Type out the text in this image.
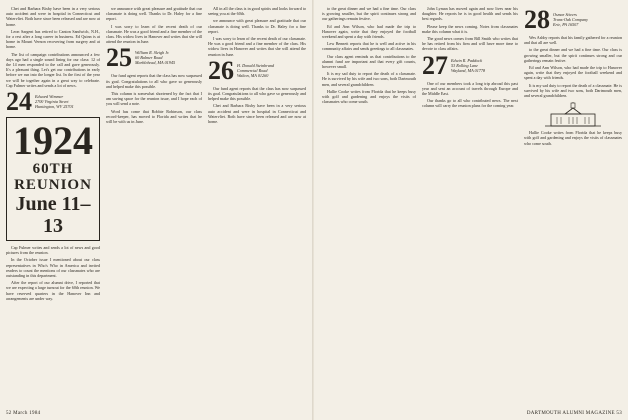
Chet and Barbara Bixby have been in a very serious auto accident and were in hospital in Connecticut and Watervliet. Both have since been released and are now at home.

Leon Sargent has retired to Canton Sandwich, N.H., for a rest after a long career in business. Ed Quinn is at home in Mount Vernon recovering from surgery and at home.

The list of campaign contributions announced a few days ago had a single sound lining for our class: 12 of the 14 men responded to the call and gave generously. It's a pleasant thing. Let's get our contributions in early before we run into the longer list. In the first of the year we will be together again in a great way to celebrate. Cap Fulmer writes and sends a lot of news.

24 Edward Wimmer
2700 Virginia Street
Huntington, WV 25701
1924
60TH REUNION
June 11–13

Cap Fulmer writes and sends a lot of news and good pictures from the reunion.

In the October issue I mentioned about our class representatives in Who's Who in America and invited readers to count the mentions of our classmates who are outstanding in this department.

After the report of our alumni drive, I reported that we are expecting a large turnout for the 60th reunion. We have reserved quarters in the Hanover Inn and arrangements are under way.

we announce with great pleasure and gratitude that our classmate is doing well. Thanks to Dr. Haley for a fine report.

I was sorry to learn of the recent death of our classmate. He was a good friend and a fine member of the class. His widow lives in Hanover and writes that she will attend the reunion in June.

25 William R. Sleigh Jr.
60 Balmer Road
Marblehead, MA 01945

Our fund agent reports that the class has now surpassed its goal. Congratulations to all who gave so generously and helped make this possible.

This column is somewhat shortened by the fact that I am saving space for the reunion issue, and I hope each of you will send a note.

Word has come that Robbie Robinson, our class record-keeper, has moved to Florida and writes that he will be with us in June.

All in all the class is in good spirits and looks forward to seeing you at the 60th.

we announce with great pleasure and gratitude that our classmate is doing well. Thanks to Dr. Haley for a fine report.

I was sorry to learn of the recent death of our classmate. He was a good friend and a fine member of the class. His widow lives in Hanover and writes that she will attend the reunion in June.

26 H. Donald Steinbrand
Commercial Road
Walton, MA 01260

Our fund agent reports that the class has now surpassed its goal. Congratulations to all who gave so generously and helped make this possible.

Chet and Barbara Bixby have been in a very serious auto accident and were in hospital in Connecticut and Watervliet. Both have since been released and are now at home.

52 March 1984

to the great dinner and we had a fine time. Our class is growing smaller, but the spirit continues strong and our gatherings remain festive.

Ed and Ann Wilson, who had made the trip to Hanover again, write that they enjoyed the football weekend and spent a day with friends.

Lew Bennett reports that he is well and active in his community affairs and sends greetings to all classmates.

Our class agent reminds us that contributions to the alumni fund are important and that every gift counts, however small.

It is my sad duty to report the death of a classmate. He is survived by his wife and two sons, both Dartmouth men, and several grandchildren.

Hallie Cooke writes from Florida that he keeps busy with golf and gardening and enjoys the visits of classmates who come south.

John Lyman has moved again and now lives near his daughter. He reports he is in good health and sends his best regards.

Please keep the news coming. Notes from classmates make this column what it is.

The good news comes from Bill Smith who writes that he has retired from his firm and will have more time to devote to class affairs.

27 Edwin R. Paddock
53 Rolling Lane
Wayland, MA 01778

One of our members took a long trip abroad this past year and sent an account of travels through Europe and the Middle East.

Our thanks go to all who contributed news. The next column will carry the reunion plans for the coming year.

28 Osmar Stivers
Trans-Oak Company
Erie, PA 16507

Wes Ashby reports that his family gathered for a reunion and that all are well.

to the great dinner and we had a fine time. Our class is growing smaller, but the spirit continues strong and our gatherings remain festive.

Ed and Ann Wilson, who had made the trip to Hanover again, write that they enjoyed the football weekend and spent a day with friends.

It is my sad duty to report the death of a classmate. He is survived by his wife and two sons, both Dartmouth men, and several grandchildren.

Hallie Cooke writes from Florida that he keeps busy with golf and gardening and enjoys the visits of classmates who come south.

DARTMOUTH ALUMNI MAGAZINE 53
